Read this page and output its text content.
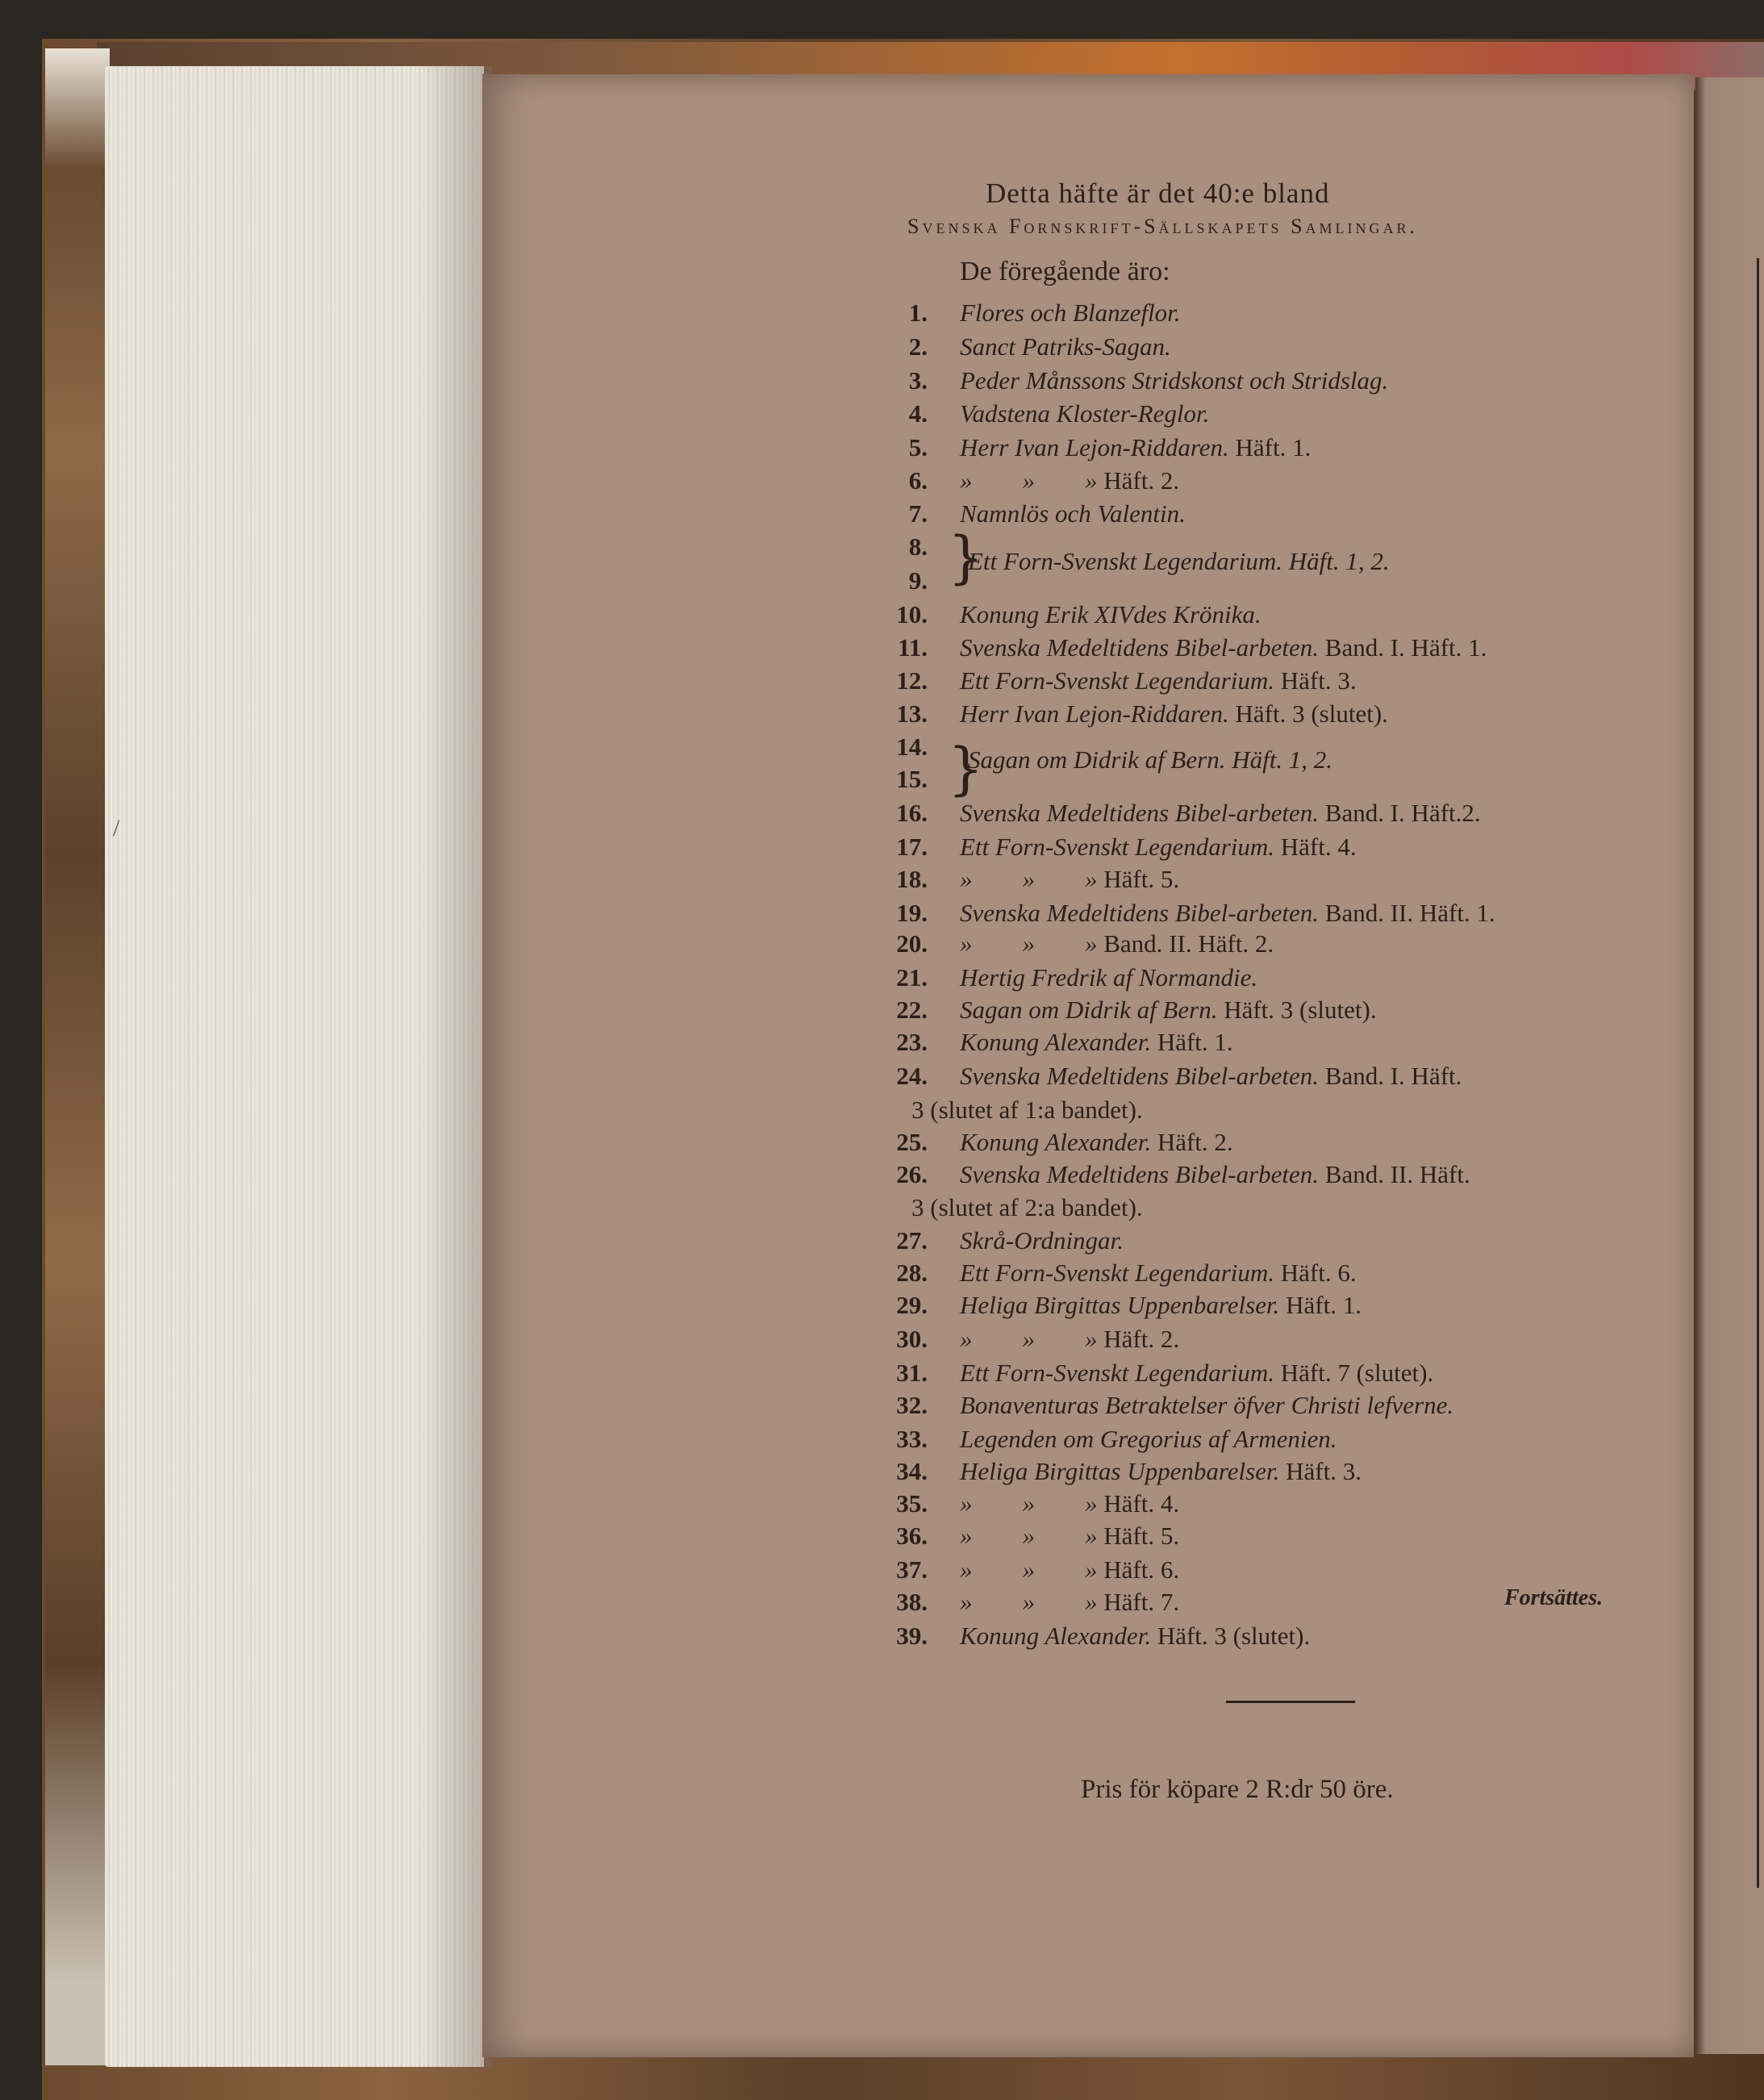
/
Detta häfte är det 40:e bland
Svenska Fornskrift-Sällskapets Samlingar.
De föregående äro:
1. Flores och Blanzeflor.
2. Sanct Patriks-Sagan.
3. Peder Månssons Stridskonst och Stridslag.
4. Vadstena Kloster-Reglor.
5. Herr Ivan Lejon-Riddaren. Häft. 1.
6. »        »        » Häft. 2.
7. Namnlös och Valentin.
8.
9.
10. Konung Erik XIVdes Krönika.
11. Svenska Medeltidens Bibel-arbeten. Band. I. Häft. 1.
12. Ett Forn-Svenskt Legendarium. Häft. 3.
13. Herr Ivan Lejon-Riddaren. Häft. 3 (slutet).
14.
15.
16. Svenska Medeltidens Bibel-arbeten. Band. I. Häft.2.
17. Ett Forn-Svenskt Legendarium. Häft. 4.
18. »        »        » Häft. 5.
19. Svenska Medeltidens Bibel-arbeten. Band. II. Häft. 1.
20. »        »        » Band. II. Häft. 2.
21. Hertig Fredrik af Normandie.
22. Sagan om Didrik af Bern. Häft. 3 (slutet).
23. Konung Alexander. Häft. 1.
24. Svenska Medeltidens Bibel-arbeten. Band. I. Häft.
25. Konung Alexander. Häft. 2.
26. Svenska Medeltidens Bibel-arbeten. Band. II. Häft.
27. Skrå-Ordningar.
28. Ett Forn-Svenskt Legendarium. Häft. 6.
29. Heliga Birgittas Uppenbarelser. Häft. 1.
30. »        »        » Häft. 2.
31. Ett Forn-Svenskt Legendarium. Häft. 7 (slutet).
32. Bonaventuras Betraktelser öfver Christi lefverne.
33. Legenden om Gregorius af Armenien.
34. Heliga Birgittas Uppenbarelser. Häft. 3.
35. »        »        » Häft. 4.
36. »        »        » Häft. 5.
37. »        »        » Häft. 6.
38. »        »        » Häft. 7.
39. Konung Alexander. Häft. 3 (slutet).
}
Ett Forn-Svenskt Legendarium. Häft. 1, 2.
}
Sagan om Didrik af Bern. Häft. 1, 2.
3 (slutet af 1:a bandet).
3 (slutet af 2:a bandet).
Fortsättes.
Pris för köpare 2 R:dr 50 öre.
